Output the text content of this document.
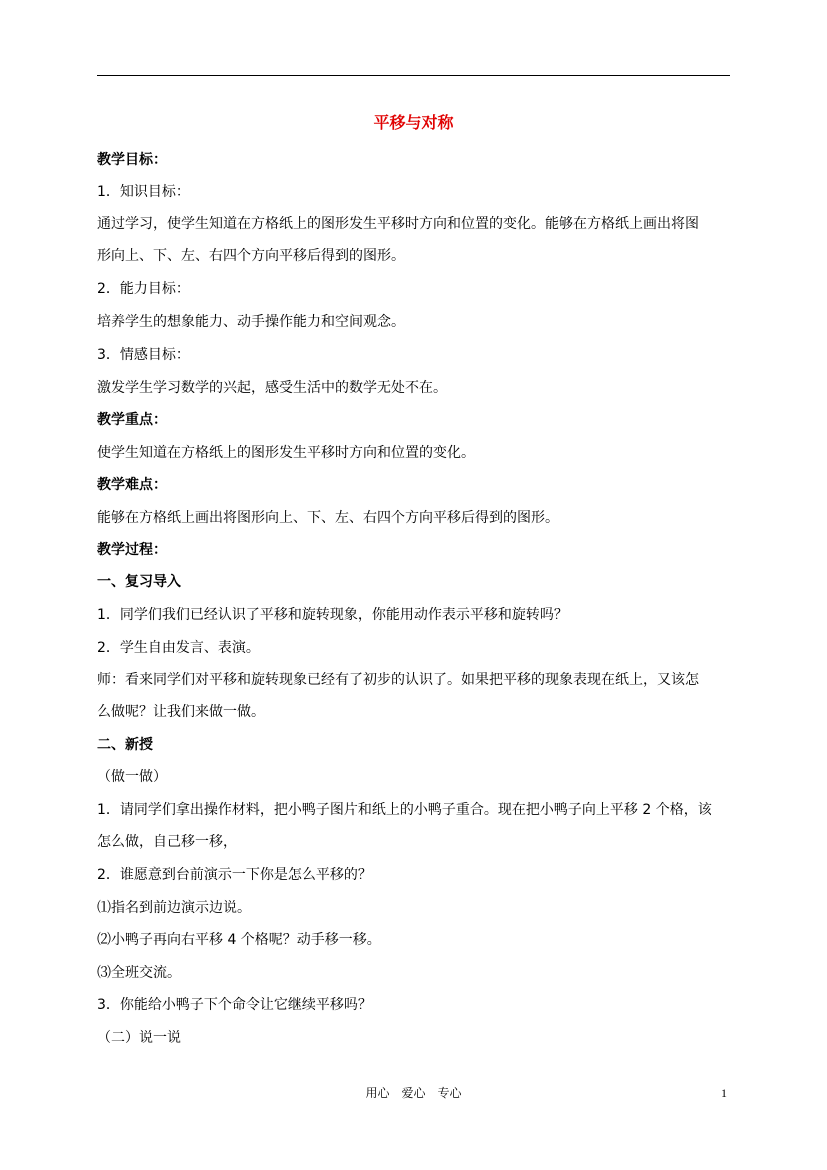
平移与对称
教学目标：
1．知识目标：
通过学习，使学生知道在方格纸上的图形发生平移时方向和位置的变化。能够在方格纸上画出将图
形向上、下、左、右四个方向平移后得到的图形。
2．能力目标：
培养学生的想象能力、动手操作能力和空间观念。
3．情感目标：
激发学生学习数学的兴起，感受生活中的数学无处不在。
教学重点：
使学生知道在方格纸上的图形发生平移时方向和位置的变化。
教学难点：
能够在方格纸上画出将图形向上、下、左、右四个方向平移后得到的图形。
教学过程：
一、复习导入
1．同学们我们已经认识了平移和旋转现象，你能用动作表示平移和旋转吗？
2．学生自由发言、表演。
师：看来同学们对平移和旋转现象已经有了初步的认识了。如果把平移的现象表现在纸上，又该怎
么做呢？让我们来做一做。
二、新授
（做一做）
1．请同学们拿出操作材料，把小鸭子图片和纸上的小鸭子重合。现在把小鸭子向上平移 2 个格，该
怎么做，自己移一移，
2．谁愿意到台前演示一下你是怎么平移的？
⑴指名到前边演示边说。
⑵小鸭子再向右平移 4 个格呢？动手移一移。
⑶全班交流。
3．你能给小鸭子下个命令让它继续平移吗？
（二）说一说
用心　爱心　专心	1
